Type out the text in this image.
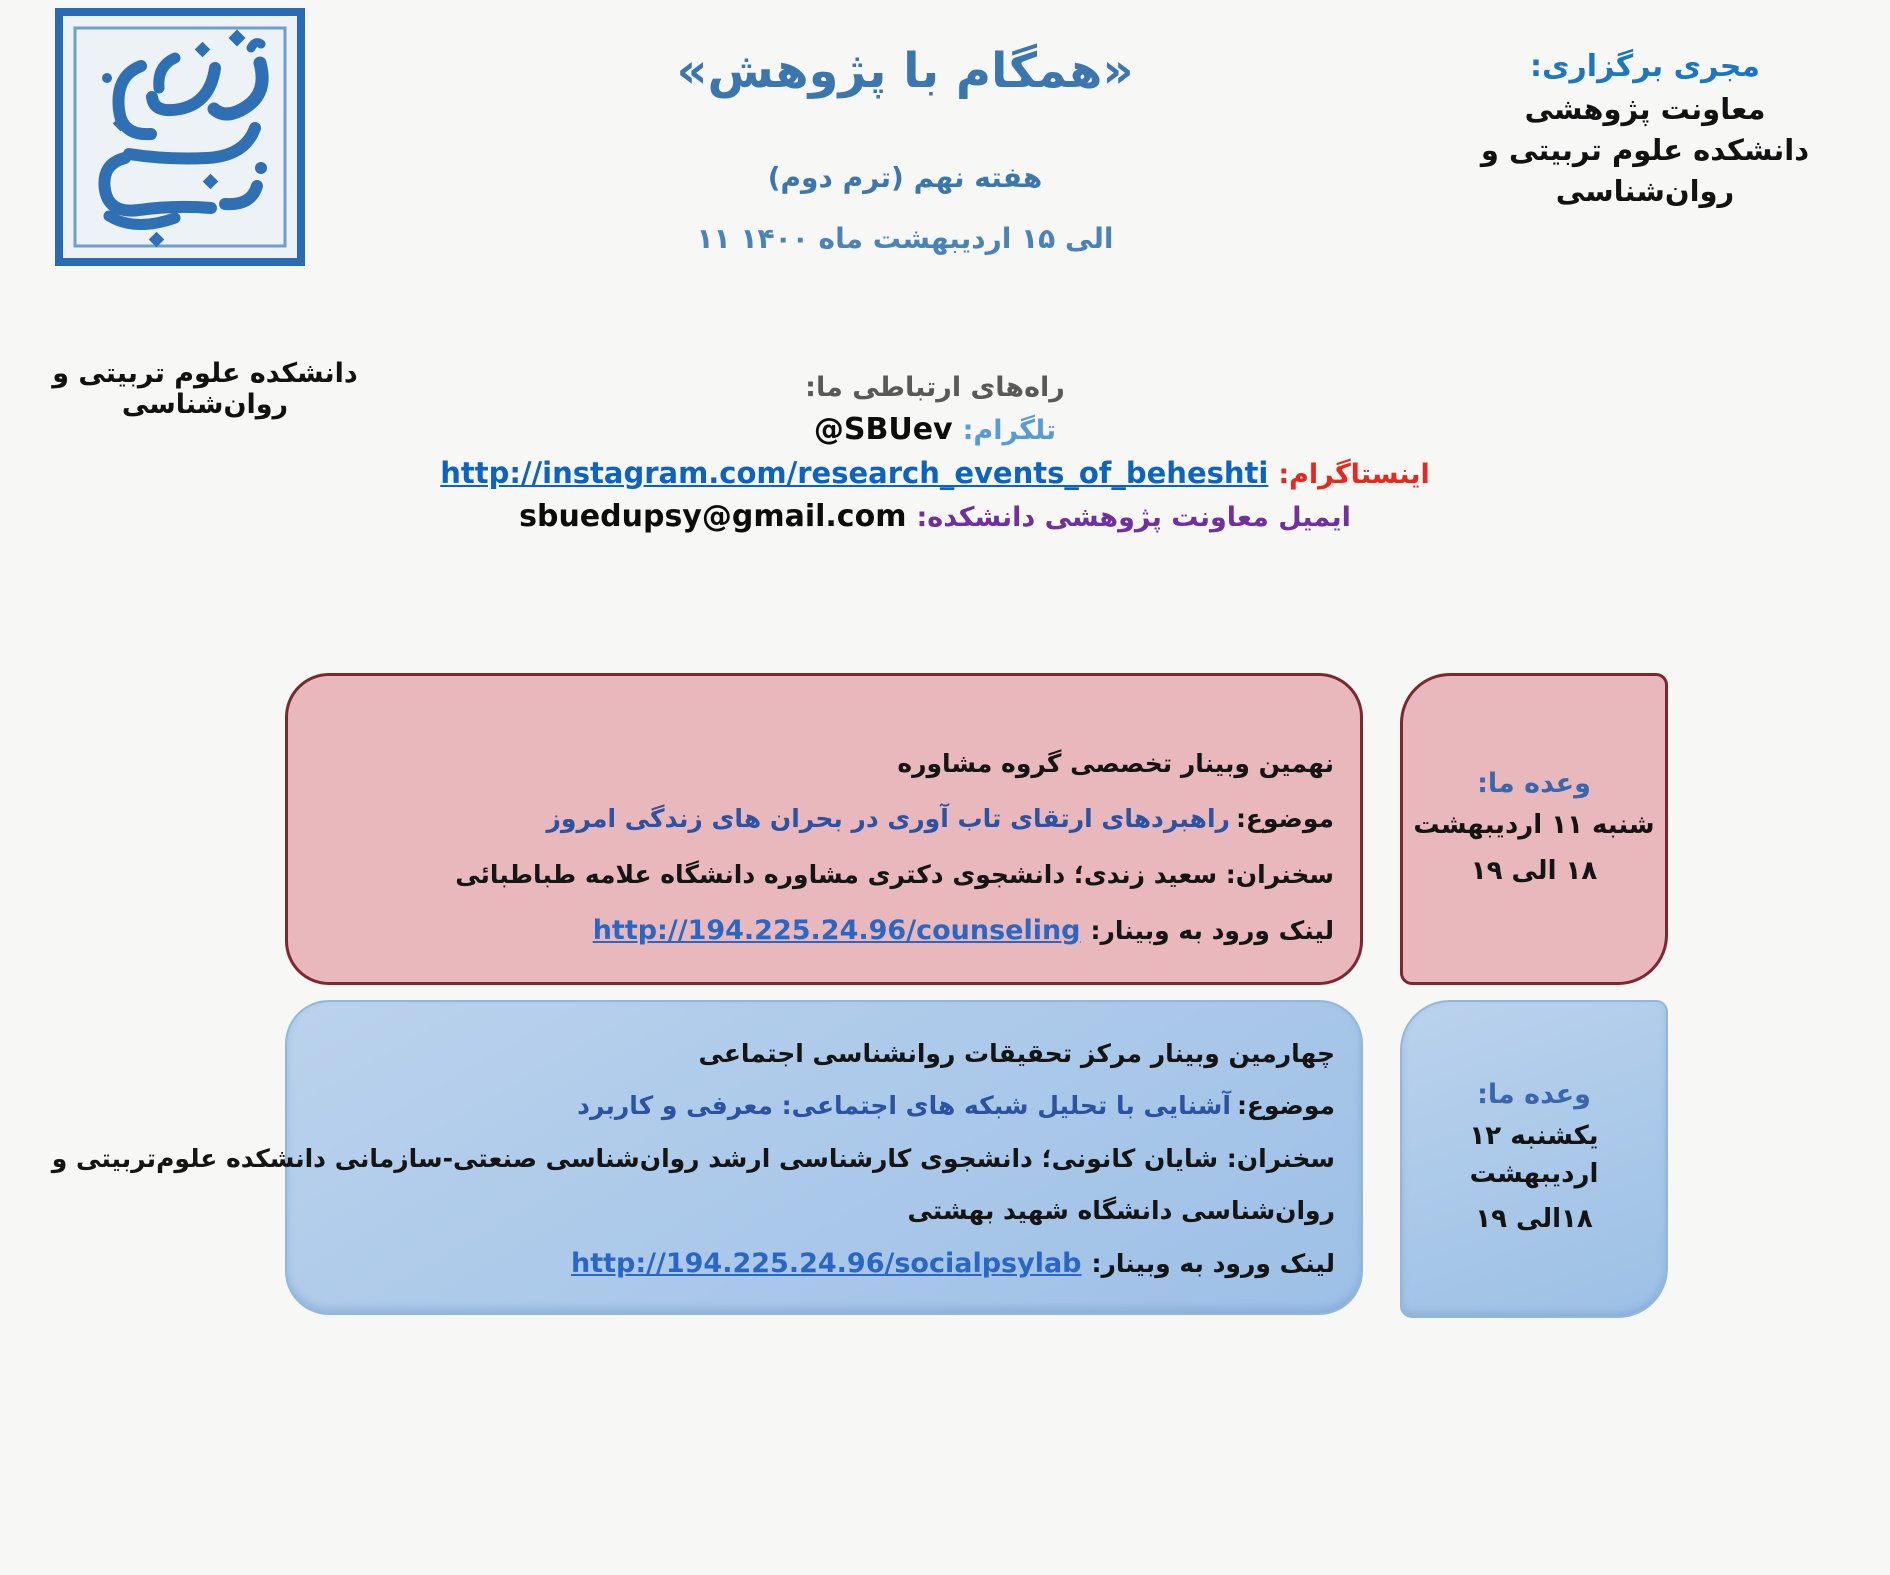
دانشکده علوم تربیتی و روان‌شناسی
«همگام با پژوهش»
هفته نهم (ترم دوم)
۱۱ الی ۱۵ اردیبهشت ماه ۱۴۰۰
مجری برگزاری:
معاونت پژوهشی
دانشکده علوم تربیتی و روان‌شناسی
راه‌های ارتباطی ما:
تلگرام:@SBUev
اینستاگرام:http://instagram.com/research_events_of_beheshti
ایمیل معاونت پژوهشی دانشکده:sbuedupsy@gmail.com
نهمین وبینار تخصصی گروه مشاوره
موضوع:راهبردهای ارتقای تاب آوری در بحران های زندگی امروز
سخنران: سعید زندی؛ دانشجوی دکتری مشاوره دانشگاه علامه طباطبائی
لینک ورود به وبینار:http://194.225.24.96/counseling
وعده ما:
شنبه ۱۱ اردیبهشت
۱۸ الی ۱۹
چهارمین وبینار مرکز تحقیقات روانشناسی اجتماعی
موضوع:آشنایی با تحلیل شبکه های اجتماعی: معرفی و کاربرد
سخنران: شایان کانونی؛ دانشجوی کارشناسی ارشد روان‌شناسی صنعتی-سازمانی دانشکده علوم‌تربیتی و
روان‌شناسی دانشگاه شهید بهشتی
لینک ورود به وبینار:http://194.225.24.96/socialpsylab
وعده ما:
یکشنبه ۱۲ اردیبهشت
۱۸الی ۱۹
